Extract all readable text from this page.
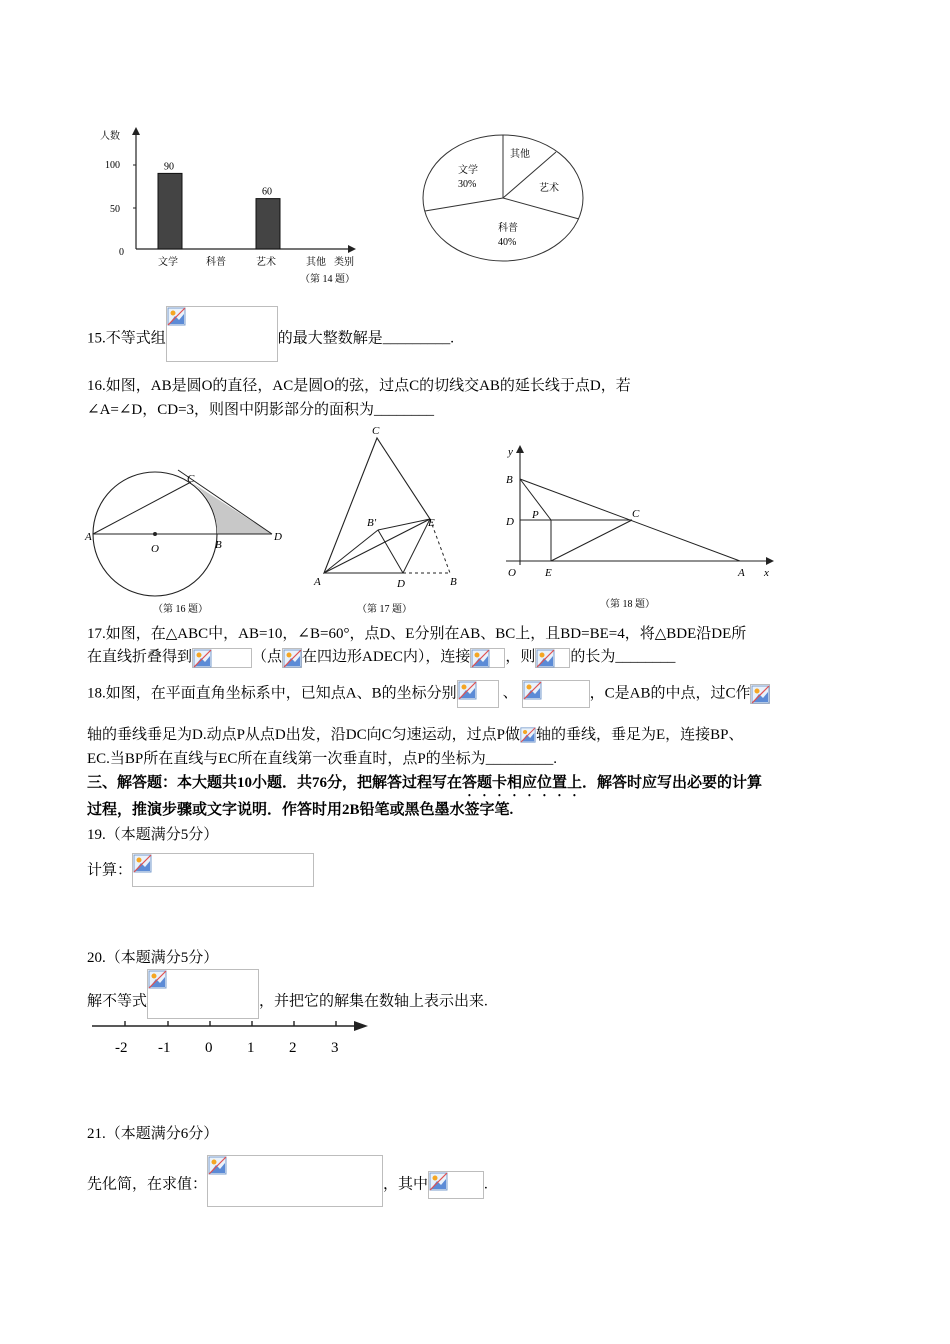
人数
100
50
0
90
60
文学	科普	艺术	其他 类别
（第 14 题）
其他
艺术
科普
40%
文学
30%
15.不等式组	的最大整数解是_________.
16.如图，AB是圆O的直径，AC是圆O的弦，过点C的切线交AB的延长线于点D，若
∠A=∠D，CD=3，则图中阴影部分的面积为________
A
O	B
C
D
（第 16 题）
C
B'	E
A	D	B
（第 17 题）
y
B
D
P	C
O	E	A x
（第 18 题）
17.如图，在△ABC中，AB=10，∠B=60°，点D、E分别在AB、BC上，且BD=BE=4，将△BDE沿DE所
在直线折叠得到	（点 在四边形ADEC内），连接 ，则 的长为________
18.如图，在平面直角坐标系中，已知点A、B的坐标分别	、	，C是AB的中点，过C作
轴的垂线垂足为D.动点P从点D出发，沿DC向C匀速运动，过点P做 轴的垂线，垂足为E，连接BP、
EC.当BP所在直线与EC所在直线第一次垂直时，点P的坐标为_________.
三、解答题：本大题共10小题．共76分，把解答过程写在答题卡相应位置上．解答时应写出必要的计算
过程，推演步骤或文字说明．作答时用2B铅笔或黑色墨水签字笔.
19.（本题满分5分）
计算：
20.（本题满分5分）
解不等式	，并把它的解集在数轴上表示出来.
-2 -1 0 1 2 3
21.（本题满分6分）
先化简，在求值：	，其中	.
